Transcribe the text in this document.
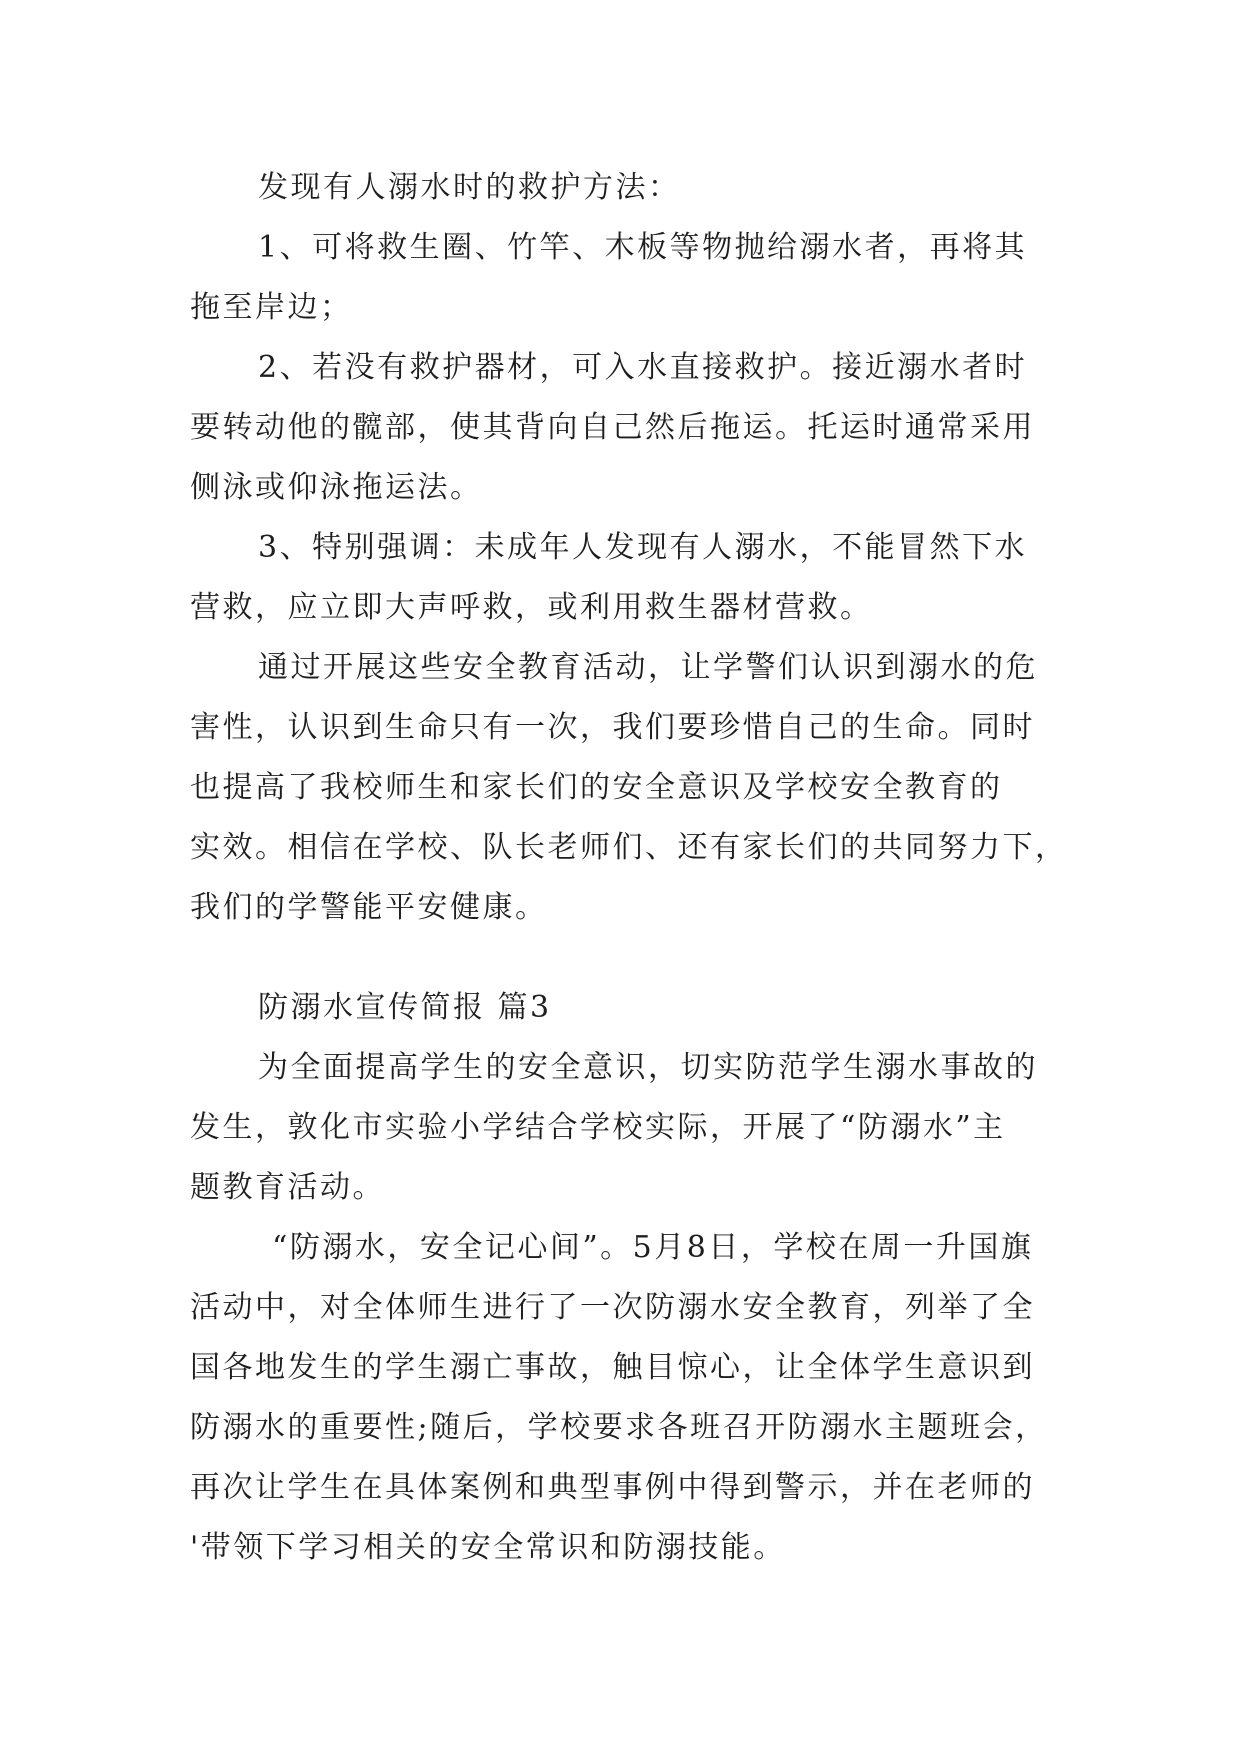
发现有人溺水时的救护方法：
1、可将救生圈、竹竿、木板等物抛给溺水者，再将其
拖至岸边；
2、若没有救护器材，可入水直接救护。接近溺水者时
要转动他的髋部，使其背向自己然后拖运。托运时通常采用
侧泳或仰泳拖运法。
3、特别强调：未成年人发现有人溺水，不能冒然下水
营救，应立即大声呼救，或利用救生器材营救。
通过开展这些安全教育活动，让学警们认识到溺水的危
害性，认识到生命只有一次，我们要珍惜自己的生命。同时
也提高了我校师生和家长们的安全意识及学校安全教育的
实效。相信在学校、队长老师们、还有家长们的共同努力下，
我们的学警能平安健康。
防溺水宣传简报 篇3
为全面提高学生的安全意识，切实防范学生溺水事故的
发生，敦化市实验小学结合学校实际，开展了“防溺水”主
题教育活动。
“防溺水，安全记心间”。5月8日，学校在周一升国旗
活动中，对全体师生进行了一次防溺水安全教育，列举了全
国各地发生的学生溺亡事故，触目惊心，让全体学生意识到
防溺水的重要性;随后，学校要求各班召开防溺水主题班会，
再次让学生在具体案例和典型事例中得到警示，并在老师的
'带领下学习相关的安全常识和防溺技能。
